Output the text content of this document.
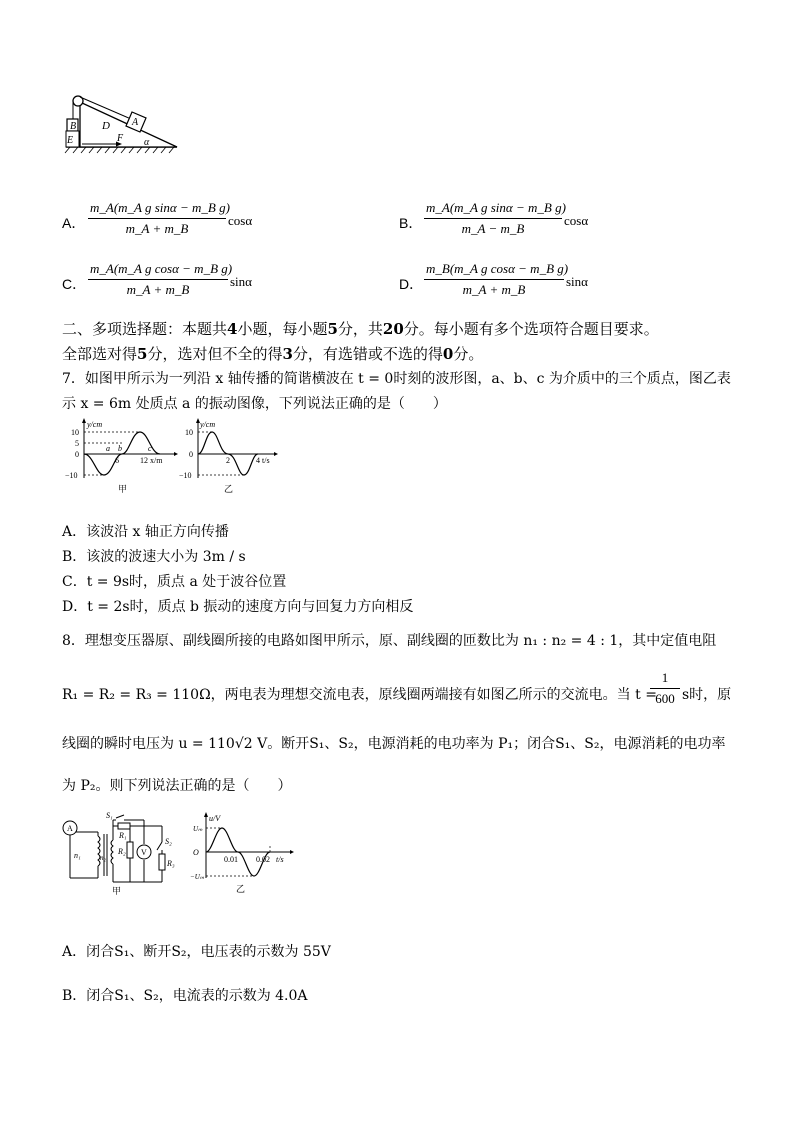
B
E
D A
F α
A． $\frac{\text{m\_A(m\_A g sinα − m\_B g)}}{m\_A + m\_B}$ cosα	B． $\frac{\text{m\_A(m\_A g sinα − m\_B g)}}{m\_A - m\_B}$ cosα
C． $\frac{\text{m\_A(m\_A g cosα − m\_B g)}}{m\_A + m\_B}$ sinα	D． $\frac{\text{m\_B(m\_A g cosα − m\_B g)}}{m\_A + m\_B}$ sinα
二、多项选择题：本题共4小题，每小题5分，共20分。每小题有多个选项符合题目要求。
全部选对得5分，选对但不全的得3分，有选错或不选的得0分。
7．如图甲所示为一列沿 x 轴传播的简谐横波在 t = 0时刻的波形图，a、b、c 为介质中的三个质点，图乙表
示 x = 6m 处质点 a 的振动图像，下列说法正确的是（　　）
y/cm
10
5
0
−10
a b	c
6	12 x/m
甲
y/cm
10
0
−10
2	4 t/s
乙
A．该波沿 x 轴正方向传播
B．该波的波速大小为 3m / s
C．t = 9s时，质点 a 处于波谷位置
D．t = 2s时，质点 b 振动的速度方向与回复力方向相反
8．理想变压器原、副线圈所接的电路如图甲所示，原、副线圈的匝数比为 n₁ : n₂ = 4 : 1，其中定值电阻
R₁ = R₂ = R₃ = 110Ω，两电表为理想交流电表，原线圈两端接有如图乙所示的交流电。当 t =
$\frac{1}{600}$ s时，原
线圈的瞬时电压为 u = 110√2 V。断开S₁、S₂，电源消耗的电功率为 P₁；闭合S₁、S₂，电源消耗的电功率
为 P₂。则下列说法正确的是（　　）
A
V
S₁
S₂
R₁
R₂
R₃
n₁	n₂
甲
u/V
Uₘ
O
−Uₘ
0.01 0.02 t/s
乙
A．闭合S₁、断开S₂，电压表的示数为 55V
B．闭合S₁、S₂，电流表的示数为 4.0A
